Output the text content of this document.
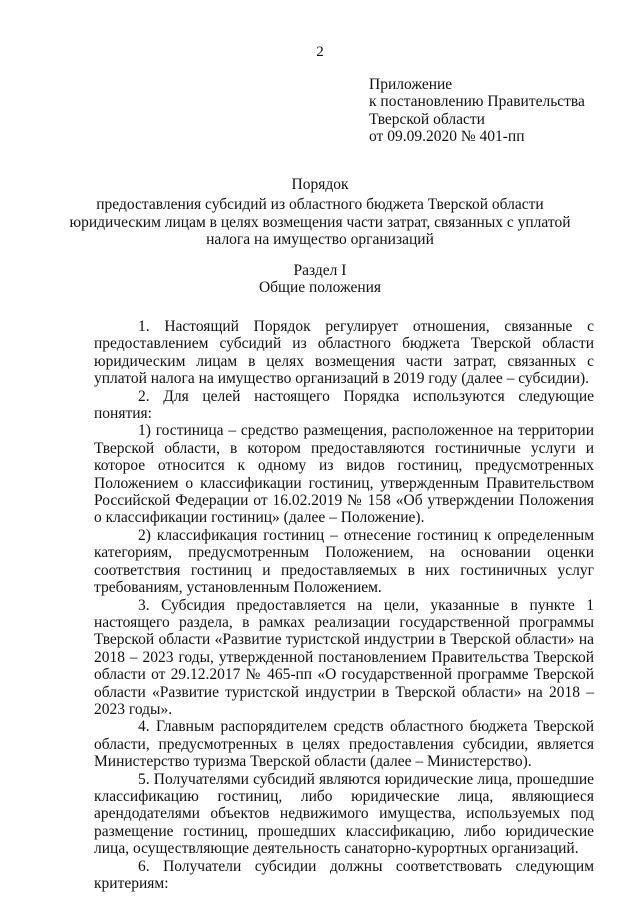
2
Приложение
к постановлению Правительства
Тверской области
от 09.09.2020 № 401-пп
Порядок
предоставления субсидий из областного бюджета Тверской области
юридическим лицам в целях возмещения части затрат, связанных с уплатой
налога на имущество организаций
Раздел I
Общие положения

1. Настоящий Порядок регулирует отношения, связанные с предоставлением субсидий из областного бюджета Тверской области юридическим лицам в целях возмещения части затрат, связанных с уплатой налога на имущество организаций в 2019 году (далее – субсидии).

2. Для целей настоящего Порядка используются следующие понятия:

1) гостиница – средство размещения, расположенное на территории Тверской области, в котором предоставляются гостиничные услуги и которое относится к одному из видов гостиниц, предусмотренных Положением о классификации гостиниц, утвержденным Правительством Российской Федерации от 16.02.2019 № 158 «Об утверждении Положения о классификации гостиниц» (далее – Положение).

2) классификация гостиниц – отнесение гостиниц к определенным категориям, предусмотренным Положением, на основании оценки соответствия гостиниц и предоставляемых в них гостиничных услуг требованиям, установленным Положением.

3. Субсидия предоставляется на цели, указанные в пункте 1 настоящего раздела, в рамках реализации государственной программы Тверской области «Развитие туристской индустрии в Тверской области» на 2018 – 2023 годы, утвержденной постановлением Правительства Тверской области от 29.12.2017 № 465-пп «О государственной программе Тверской области «Развитие туристской индустрии в Тверской области» на 2018 – 2023 годы».

4. Главным распорядителем средств областного бюджета Тверской области, предусмотренных в целях предоставления субсидии, является Министерство туризма Тверской области (далее – Министерство).

5. Получателями субсидий являются юридические лица, прошедшие классификацию гостиниц, либо юридические лица, являющиеся арендодателями объектов недвижимого имущества, используемых под размещение гостиниц, прошедших классификацию, либо юридические лица, осуществляющие деятельность санаторно-курортных организаций.

6. Получатели субсидии должны соответствовать следующим критериям:
